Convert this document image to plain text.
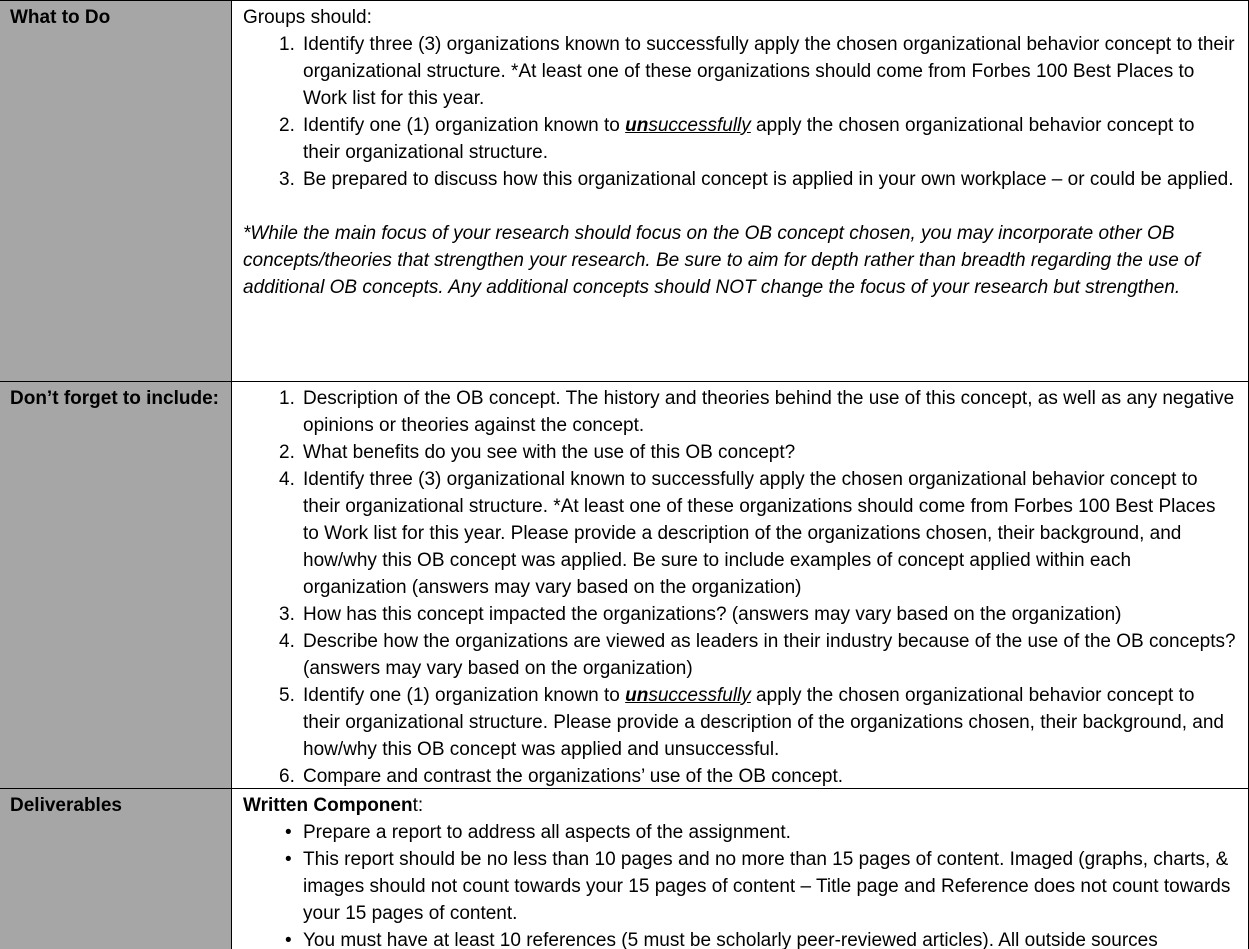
What to Do	Groups should:

1. Identify three (3) organizations known to successfully apply the chosen organizational behavior concept to their organizational structure. *At least one of these organizations should come from Forbes 100 Best Places to Work list for this year.
2. Identify one (1) organization known to unsuccessfully apply the chosen organizational behavior concept to their organizational structure.
3. Be prepared to discuss how this organizational concept is applied in your own workplace – or could be applied.

*While the main focus of your research should focus on the OB concept chosen, you may incorporate other OB concepts/theories that strengthen your research. Be sure to aim for depth rather than breadth regarding the use of additional OB concepts. Any additional concepts should NOT change the focus of your research but strengthen.

Don’t forget to include:	1. Description of the OB concept. The history and theories behind the use of this concept, as well as any negative opinions or theories against the concept.
2. What benefits do you see with the use of this OB concept?
4. Identify three (3) organizational known to successfully apply the chosen organizational behavior concept to their organizational structure. *At least one of these organizations should come from Forbes 100 Best Places to Work list for this year. Please provide a description of the organizations chosen, their background, and how/why this OB concept was applied. Be sure to include examples of concept applied within each organization (answers may vary based on the organization)
3. How has this concept impacted the organizations? (answers may vary based on the organization)
4. Describe how the organizations are viewed as leaders in their industry because of the use of the OB concepts? (answers may vary based on the organization)
5. Identify one (1) organization known to unsuccessfully apply the chosen organizational behavior concept to their organizational structure. Please provide a description of the organizations chosen, their background, and how/why this OB concept was applied and unsuccessful.
6. Compare and contrast the organizations’ use of the OB concept.
Deliverables	Written Component:

• Prepare a report to address all aspects of the assignment.
• This report should be no less than 10 pages and no more than 15 pages of content. Imaged (graphs, charts, & images should not count towards your 15 pages of content – Title page and Reference does not count towards your 15 pages of content.
• You must have at least 10 references (5 must be scholarly peer-reviewed articles). All outside sources
